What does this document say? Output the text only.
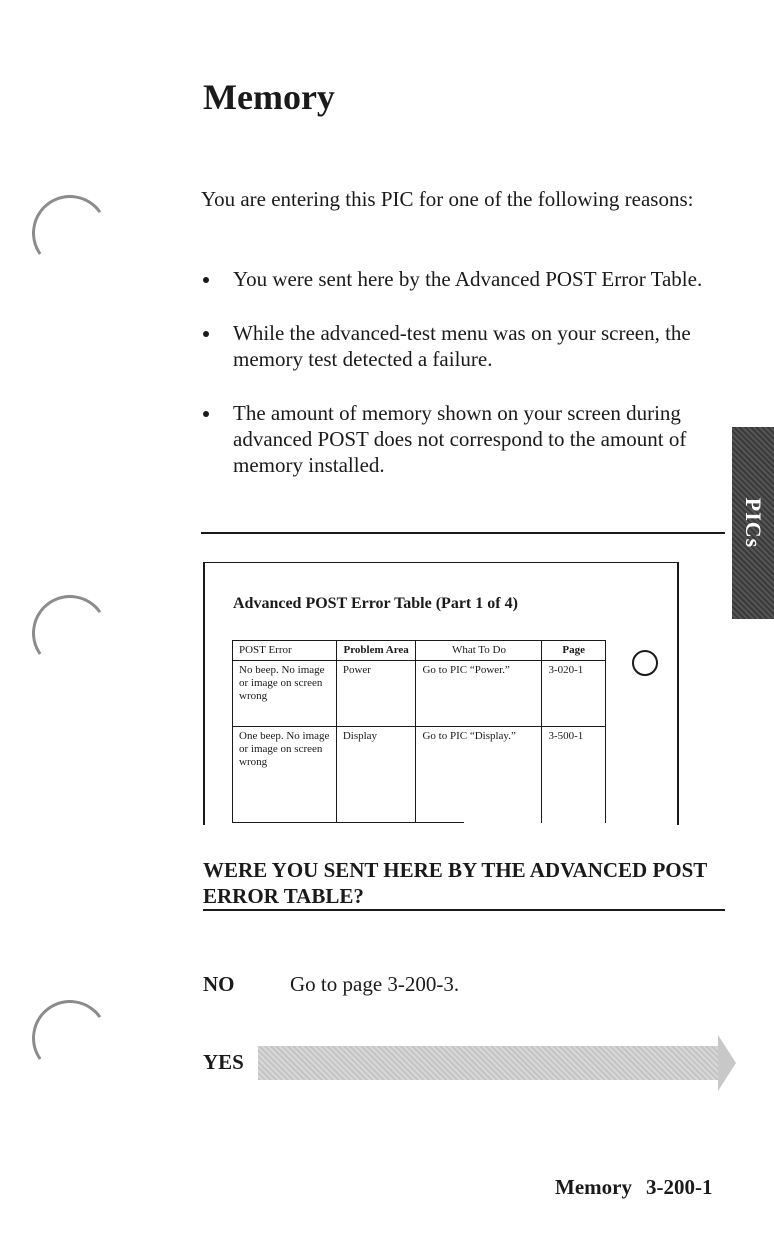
Memory

You are entering this PIC for one of the following reasons:

You were sent here by the Advanced POST Error Table.
While the advanced-test menu was on your screen, the memory test detected a failure.
The amount of memory shown on your screen during advanced POST does not correspond to the amount of memory installed.
PICs
Advanced POST Error Table (Part 1 of 4)
POST Error	Problem Area	What To Do	Page
No beep. No image or image on screen wrong	Power	Go to PIC “Power.”	3-020-1
One beep. No image or image on screen wrong	Display	Go to PIC “Display.”	3-500-1

WERE YOU SENT HERE BY THE ADVANCED POST ERROR TABLE?

NO	Go to page 3-200-3.
YES
Memory 3-200-1
